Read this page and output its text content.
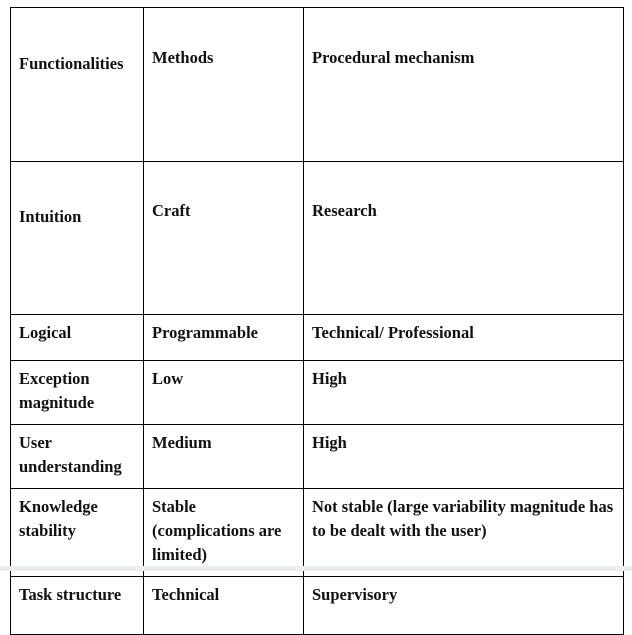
Functionalities	Methods	Procedural mechanism
Intuition	Craft	Research
Logical	Programmable	Technical/ Professional
Exception magnitude	Low	High
User understanding	Medium	High
Knowledge stability	Stable (complications are limited)	Not stable (large variability magnitude has to be dealt with the user)
Task structure	Technical	Supervisory
